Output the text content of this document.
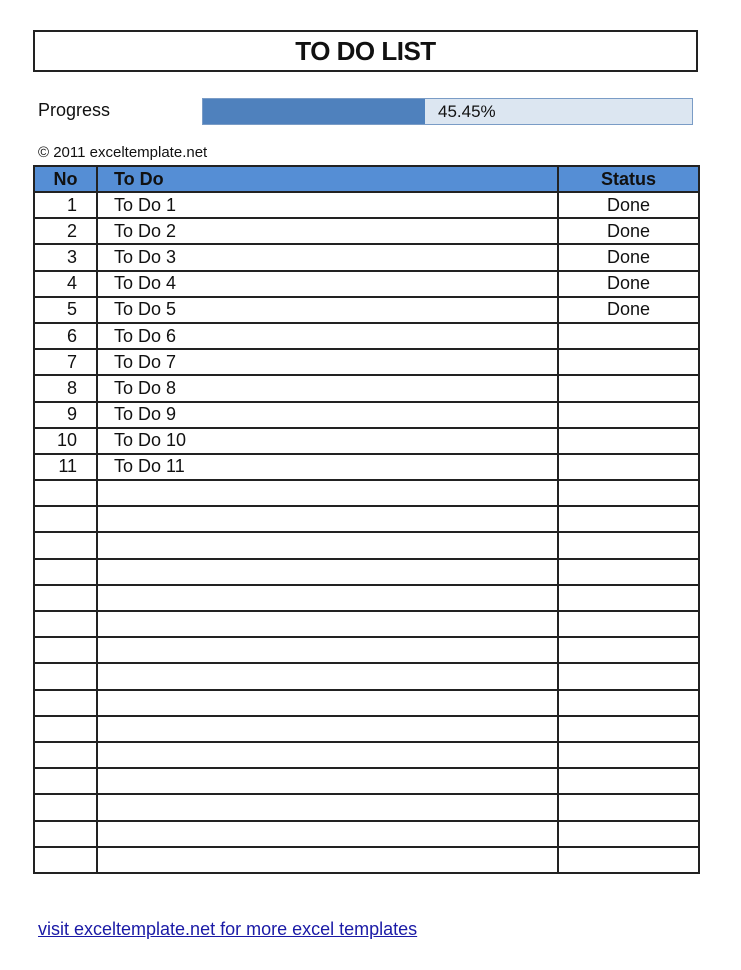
TO DO LIST
Progress	45.45%
© 2011 exceltemplate.net
No	To Do	Status
1	To Do 1	Done
2	To Do 2	Done
3	To Do 3	Done
4	To Do 4	Done
5	To Do 5	Done
6	To Do 6	
7	To Do 7	
8	To Do 8	
9	To Do 9	
10	To Do 10	
11	To Do 11	

visit exceltemplate.net for more excel templates
